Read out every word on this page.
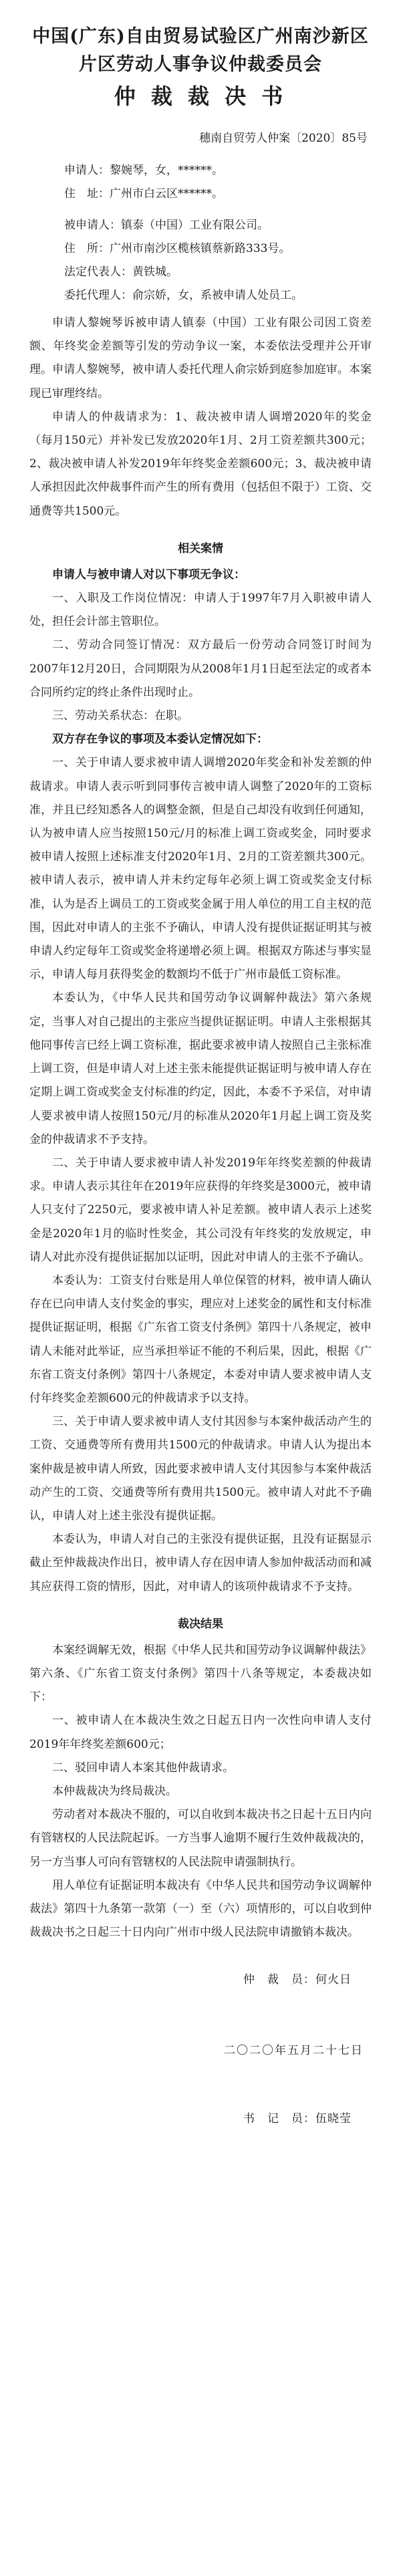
中国(广东)自由贸易试验区广州南沙新区
片区劳动人事争议仲裁委员会
仲 裁 裁 决 书
穗南自贸劳人仲案〔2020〕85号
申请人：黎婉琴，女，******。
住　址：广州市白云区******。
被申请人：镇泰（中国）工业有限公司。
住　所：广州市南沙区榄核镇蔡新路333号。
法定代表人：黄铁城。
委托代理人：俞宗娇，女，系被申请人处员工。

申请人黎婉琴诉被申请人镇泰（中国）工业有限公司因工资差额、年终奖金差额等引发的劳动争议一案，本委依法受理并公开审理。申请人黎婉琴，被申请人委托代理人俞宗娇到庭参加庭审。本案现已审理终结。

申请人的仲裁请求为：1、裁决被申请人调增2020年的奖金（每月150元）并补发已发放2020年1月、2月工资差额共300元；2、裁决被申请人补发2019年年终奖金差额600元；3、裁决被申请人承担因此次仲裁事件而产生的所有费用（包括但不限于）工资、交通费等共1500元。

相关案情
申请人与被申请人对以下事项无争议：

一、入职及工作岗位情况：申请人于1997年7月入职被申请人处，担任会计部主管职位。

二、劳动合同签订情况：双方最后一份劳动合同签订时间为2007年12月20日，合同期限为从2008年1月1日起至法定的或者本合同所约定的终止条件出现时止。

三、劳动关系状态：在职。

双方存在争议的事项及本委认定情况如下：

一、关于申请人要求被申请人调增2020年奖金和补发差额的仲裁请求。申请人表示听到同事传言被申请人调整了2020年的工资标准，并且已经知悉各人的调整金额，但是自己却没有收到任何通知，认为被申请人应当按照150元/月的标准上调工资或奖金，同时要求被申请人按照上述标准支付2020年1月、2月的工资差额共300元。被申请人表示，被申请人并未约定每年必须上调工资或奖金支付标准，认为是否上调员工的工资或奖金属于用人单位的用工自主权的范围，因此对申请人的主张不予确认，申请人没有提供证据证明其与被申请人约定每年工资或奖金将递增必须上调。根据双方陈述与事实显示，申请人每月获得奖金的数额均不低于广州市最低工资标准。

本委认为，《中华人民共和国劳动争议调解仲裁法》第六条规定，当事人对自己提出的主张应当提供证据证明。申请人主张根据其他同事传言已经上调工资标准，据此要求被申请人按照自己主张标准上调工资，但是申请人对上述主张未能提供证据证明与被申请人存在定期上调工资或奖金支付标准的约定，因此，本委不予采信，对申请人要求被申请人按照150元/月的标准从2020年1月起上调工资及奖金的仲裁请求不予支持。

二、关于申请人要求被申请人补发2019年年终奖差额的仲裁请求。申请人表示其往年在2019年应获得的年终奖是3000元，被申请人只支付了2250元，要求被申请人补足差额。被申请人表示上述奖金是2020年1月的临时性奖金，其公司没有年终奖的发放规定，申请人对此亦没有提供证据加以证明，因此对申请人的主张不予确认。

本委认为：工资支付台账是用人单位保管的材料，被申请人确认存在已向申请人支付奖金的事实，理应对上述奖金的属性和支付标准提供证据证明，根据《广东省工资支付条例》第四十八条规定，被申请人未能对此举证，应当承担举证不能的不利后果，因此，根据《广东省工资支付条例》第四十八条规定，本委对申请人要求被申请人支付年终奖金差额600元的仲裁请求予以支持。

三、关于申请人要求被申请人支付其因参与本案仲裁活动产生的工资、交通费等所有费用共1500元的仲裁请求。申请人认为提出本案仲裁是被申请人所致，因此要求被申请人支付其因参与本案仲裁活动产生的工资、交通费等所有费用共1500元。被申请人对此不予确认，申请人对上述主张没有提供证据。

本委认为，申请人对自己的主张没有提供证据，且没有证据显示截止至仲裁裁决作出日，被申请人存在因申请人参加仲裁活动而和减其应获得工资的情形，因此，对申请人的该项仲裁请求不予支持。

裁决结果

本案经调解无效，根据《中华人民共和国劳动争议调解仲裁法》第六条、《广东省工资支付条例》第四十八条等规定，本委裁决如下：

一、被申请人在本裁决生效之日起五日内一次性向申请人支付2019年年终奖差额600元；

二、驳回申请人本案其他仲裁请求。

本仲裁裁决为终局裁决。

劳动者对本裁决不服的，可以自收到本裁决书之日起十五日内向有管辖权的人民法院起诉。一方当事人逾期不履行生效仲裁裁决的，另一方当事人可向有管辖权的人民法院申请强制执行。

用人单位有证据证明本裁决有《中华人民共和国劳动争议调解仲裁法》第四十九条第一款第（一）至（六）项情形的，可以自收到仲裁裁决书之日起三十日内向广州市中级人民法院申请撤销本裁决。

仲　裁　员：何火日
二〇二〇年五月二十七日
书　记　员：伍晓莹
